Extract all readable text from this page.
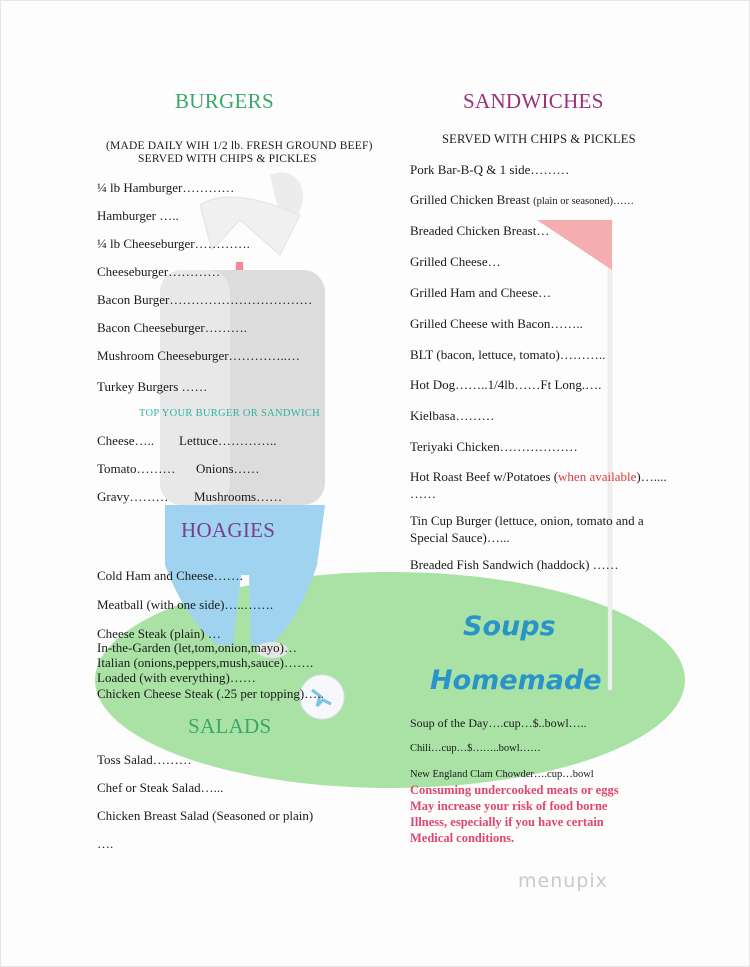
BURGERS
(MADE DAILY WIH 1/2 lb. FRESH GROUND BEEF)
SERVED WITH CHIPS & PICKLES
¼ lb Hamburger…………
Hamburger …..
¼ lb Cheeseburger………….
Cheeseburger…………
Bacon Burger……………………………
Bacon Cheeseburger……….
Mushroom Cheeseburger…………..…
Turkey Burgers ……
TOP YOUR BURGER OR SANDWICH
Cheese….. Lettuce…………..
Tomato……… Onions……
Gravy……… Mushrooms……
HOAGIES
Cold Ham and Cheese…….
Meatball (with one side)…..…….
Cheese Steak (plain) …
In-the-Garden (let,tom,onion,mayo)…
Italian (onions,peppers,mush,sauce)…….
Loaded (with everything)……
Chicken Cheese Steak (.25 per topping)…..
SALADS
Toss Salad………
Chef or Steak Salad…...
Chicken Breast Salad (Seasoned or plain)
….
SANDWICHES
SERVED WITH CHIPS & PICKLES
Pork Bar-B-Q & 1 side………
Grilled Chicken Breast (plain or seasoned)……
Breaded Chicken Breast…
Grilled Cheese…
Grilled Ham and Cheese…
Grilled Cheese with Bacon……..
BLT (bacon, lettuce, tomato)………..
Hot Dog……..1/4lb……Ft Long.….
Kielbasa………
Teriyaki Chicken………………
Hot Roast Beef w/Potatoes (when available)…....
……
Tin Cup Burger (lettuce, onion, tomato and a
Special Sauce)…...
Breaded Fish Sandwich (haddock) ……
Soups
Homemade
Soup of the Day….cup…$..bowl…..
Chili…cup…$……..bowl……
New England Clam Chowder….cup…bowl
Consuming undercooked meats or eggs
May increase your risk of food borne
Illness, especially if you have certain
Medical conditions.
menupix
